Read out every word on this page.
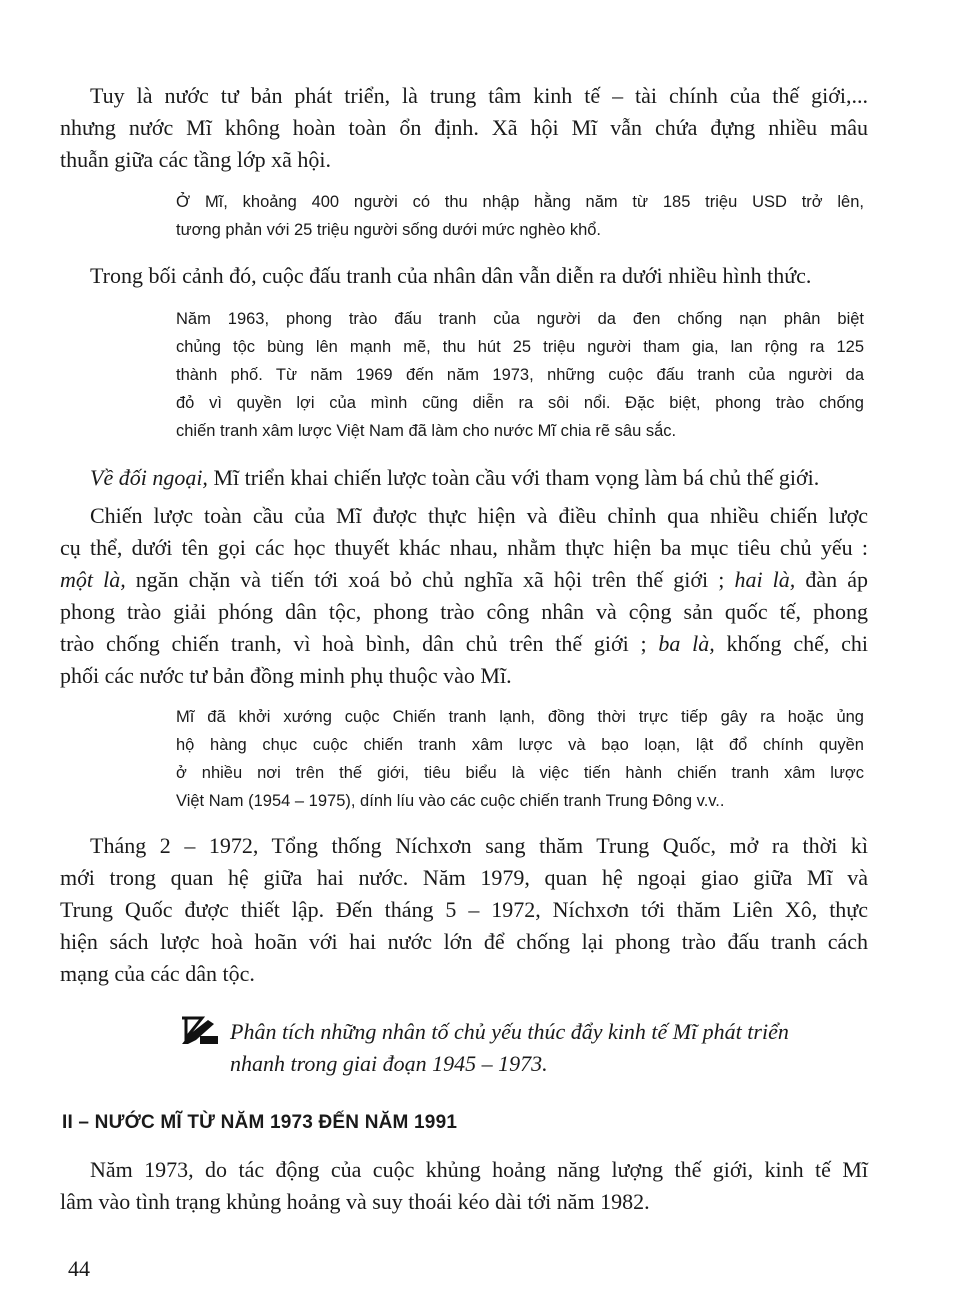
Tuy là nước tư bản phát triển, là trung tâm kinh tế – tài chính của thế giới,...
nhưng nước Mĩ không hoàn toàn ổn định. Xã hội Mĩ vẫn chứa đựng nhiều mâu
thuẫn giữa các tầng lớp xã hội.

Ở Mĩ, khoảng 400 người có thu nhập hằng năm từ 185 triệu USD trở lên,
tương phản với 25 triệu người sống dưới mức nghèo khổ.

Trong bối cảnh đó, cuộc đấu tranh của nhân dân vẫn diễn ra dưới nhiều hình thức.

Năm 1963, phong trào đấu tranh của người da đen chống nạn phân biệt
chủng tộc bùng lên mạnh mẽ, thu hút 25 triệu người tham gia, lan rộng ra 125
thành phố. Từ năm 1969 đến năm 1973, những cuộc đấu tranh của người da
đỏ vì quyền lợi của mình cũng diễn ra sôi nổi. Đặc biệt, phong trào chống
chiến tranh xâm lược Việt Nam đã làm cho nước Mĩ chia rẽ sâu sắc.

Về đối ngoại, Mĩ triển khai chiến lược toàn cầu với tham vọng làm bá chủ thế giới.

Chiến lược toàn cầu của Mĩ được thực hiện và điều chỉnh qua nhiều chiến lược
cụ thể, dưới tên gọi các học thuyết khác nhau, nhằm thực hiện ba mục tiêu chủ yếu :
một là, ngăn chặn và tiến tới xoá bỏ chủ nghĩa xã hội trên thế giới ; hai là, đàn áp
phong trào giải phóng dân tộc, phong trào công nhân và cộng sản quốc tế, phong
trào chống chiến tranh, vì hoà bình, dân chủ trên thế giới ; ba là, khống chế, chi
phối các nước tư bản đồng minh phụ thuộc vào Mĩ.

Mĩ đã khởi xướng cuộc Chiến tranh lạnh, đồng thời trực tiếp gây ra hoặc ủng
hộ hàng chục cuộc chiến tranh xâm lược và bạo loạn, lật đổ chính quyền
ở nhiều nơi trên thế giới, tiêu biểu là việc tiến hành chiến tranh xâm lược
Việt Nam (1954 – 1975), dính líu vào các cuộc chiến tranh Trung Đông v.v..

Tháng 2 – 1972, Tổng thống Níchxơn sang thăm Trung Quốc, mở ra thời kì
mới trong quan hệ giữa hai nước. Năm 1979, quan hệ ngoại giao giữa Mĩ và
Trung Quốc được thiết lập. Đến tháng 5 – 1972, Níchxơn tới thăm Liên Xô, thực
hiện sách lược hoà hoãn với hai nước lớn để chống lại phong trào đấu tranh cách
mạng của các dân tộc.

Phân tích những nhân tố chủ yếu thúc đẩy kinh tế Mĩ phát triển
nhanh trong giai đoạn 1945 – 1973.

II – NƯỚC MĨ TỪ NĂM 1973 ĐẾN NĂM 1991

Năm 1973, do tác động của cuộc khủng hoảng năng lượng thế giới, kinh tế Mĩ
lâm vào tình trạng khủng hoảng và suy thoái kéo dài tới năm 1982.

44
